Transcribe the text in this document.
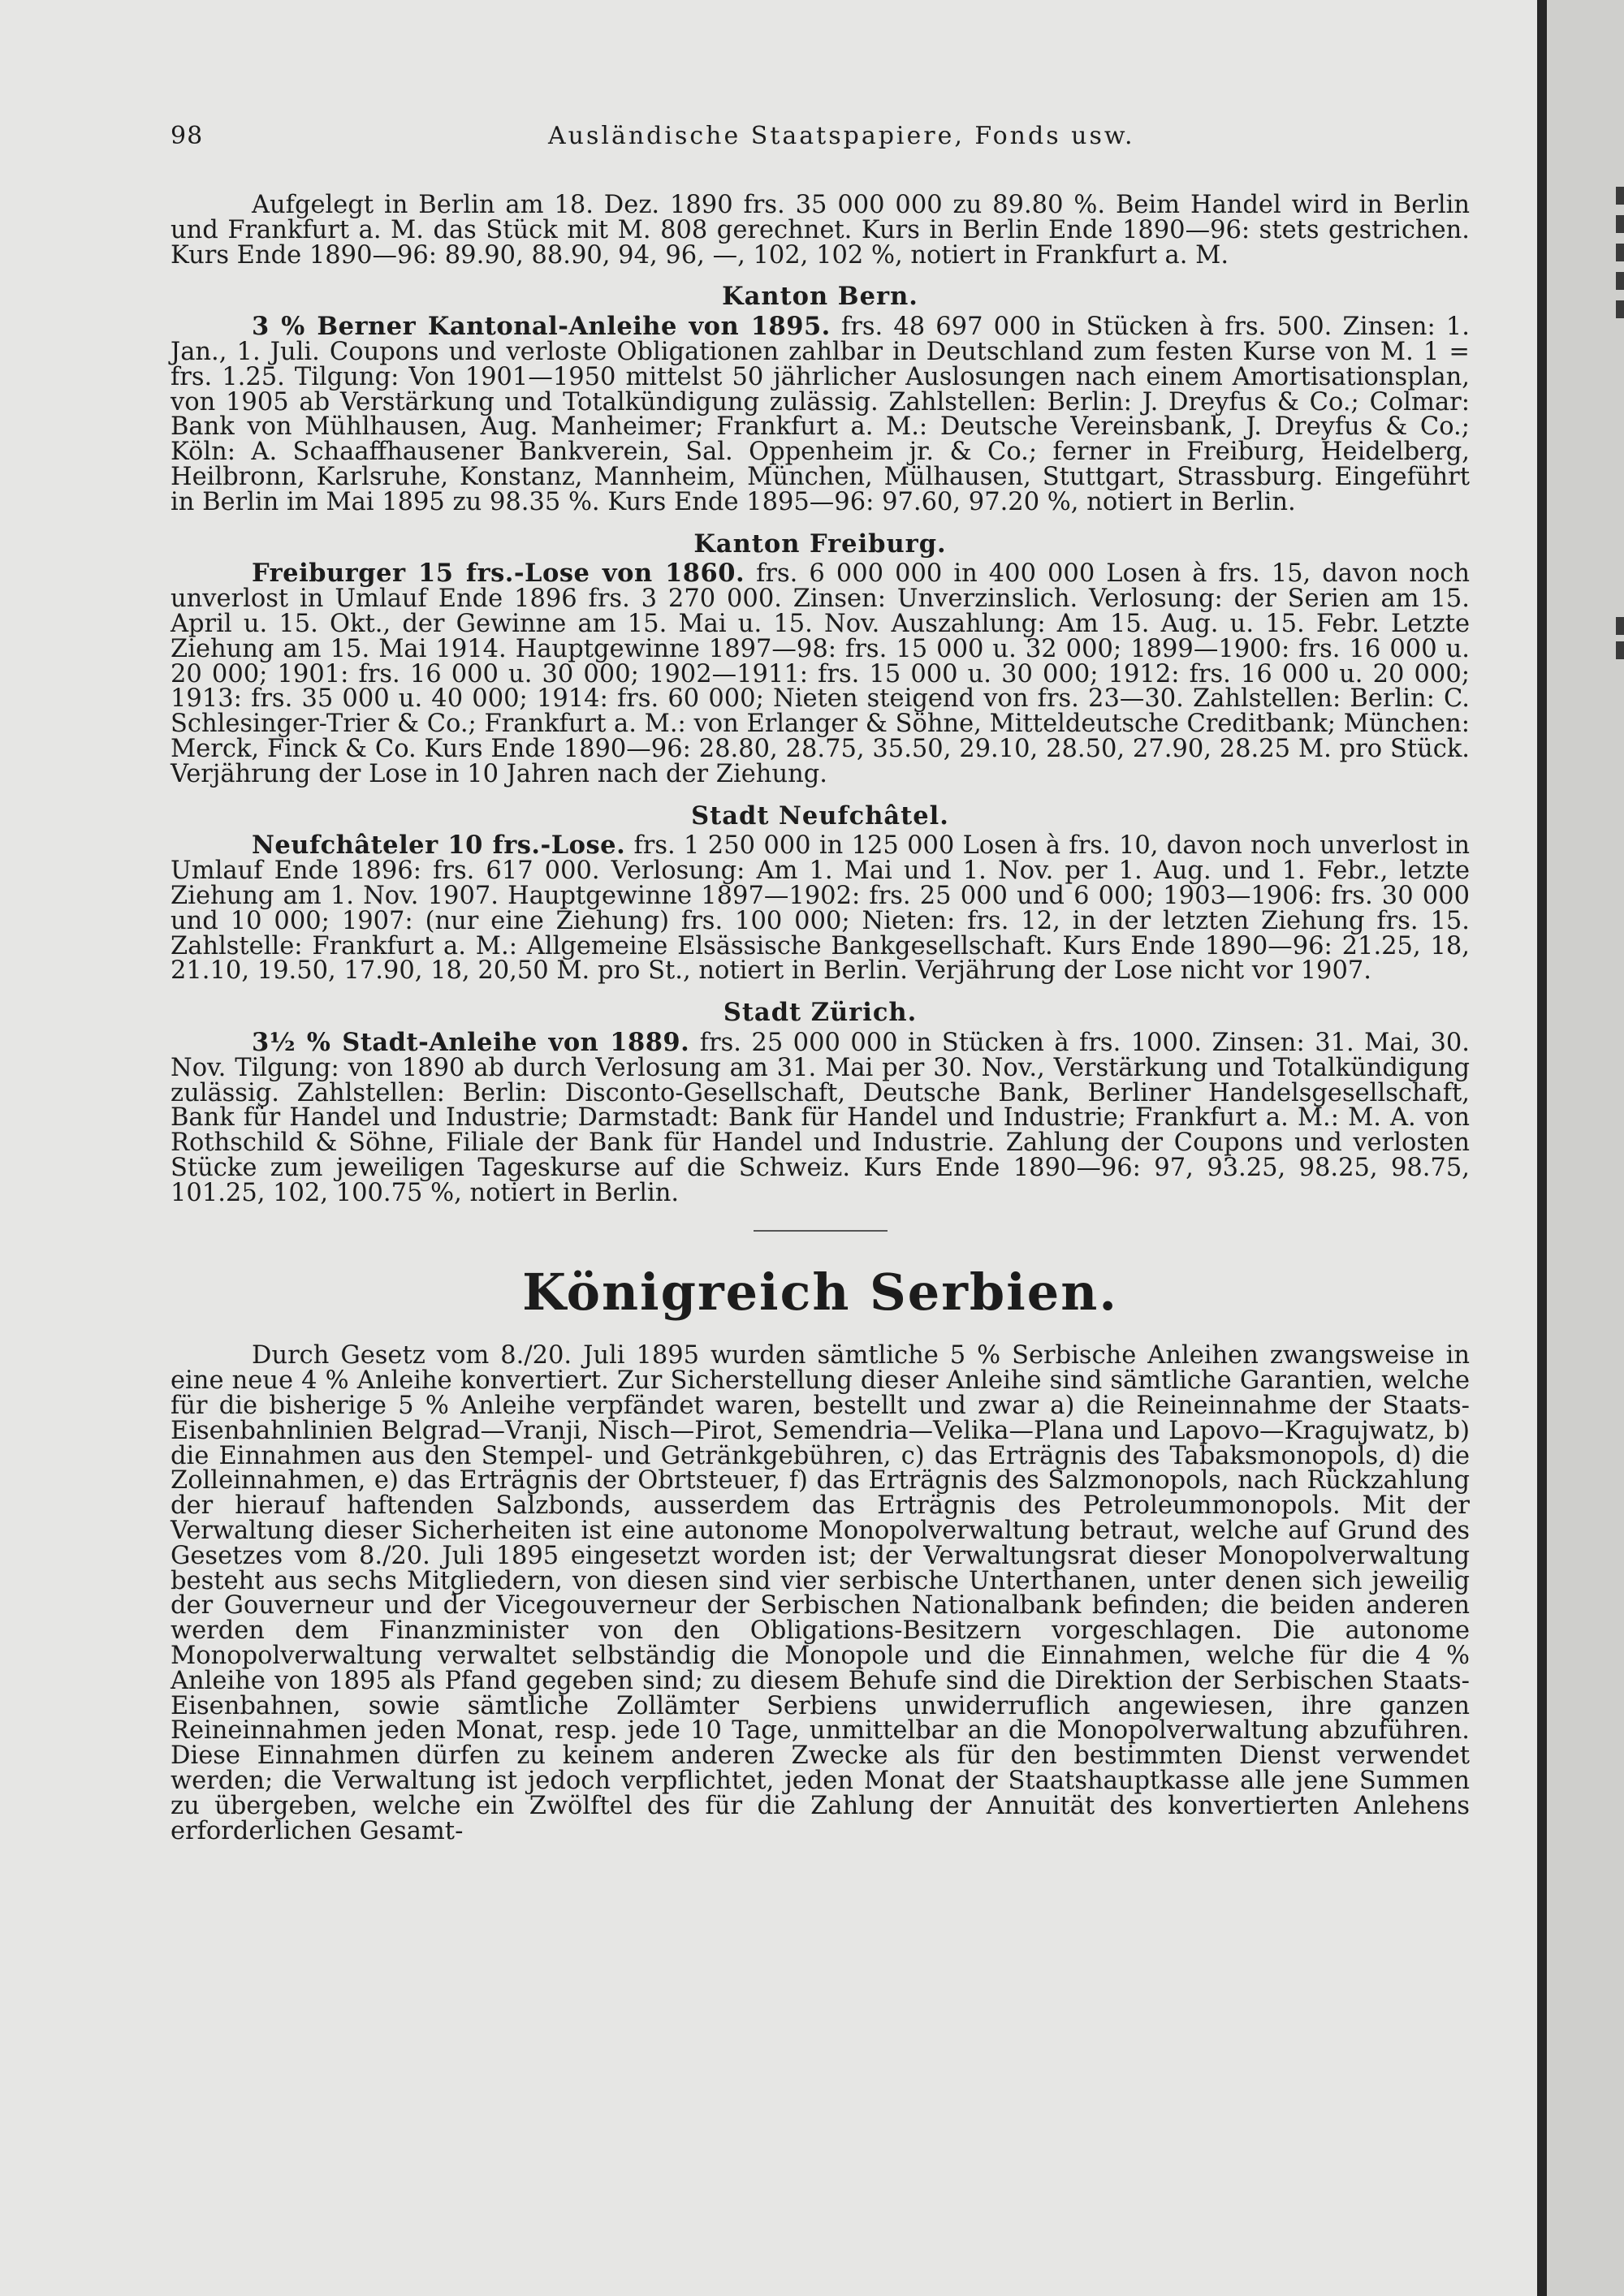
98	Ausländische Staatspapiere, Fonds usw.

Aufgelegt in Berlin am 18. Dez. 1890 frs. 35 000 000 zu 89.80 %. Beim Handel wird in Berlin und Frankfurt a. M. das Stück mit M. 808 gerechnet. Kurs in Berlin Ende 1890—96: stets gestrichen. Kurs Ende 1890—96: 89.90, 88.90, 94, 96, —, 102, 102 %, notiert in Frankfurt a. M.

Kanton Bern.

3 % Berner Kantonal-Anleihe von 1895. frs. 48 697 000 in Stücken à frs. 500. Zinsen: 1. Jan., 1. Juli. Coupons und verloste Obligationen zahlbar in Deutschland zum festen Kurse von M. 1 = frs. 1.25. Tilgung: Von 1901—1950 mittelst 50 jährlicher Auslosungen nach einem Amortisationsplan, von 1905 ab Verstärkung und Totalkündigung zulässig. Zahlstellen: Berlin: J. Dreyfus & Co.; Colmar: Bank von Mühlhausen, Aug. Manheimer; Frankfurt a. M.: Deutsche Vereinsbank, J. Dreyfus & Co.; Köln: A. Schaaffhausener Bankverein, Sal. Oppenheim jr. & Co.; ferner in Freiburg, Heidelberg, Heilbronn, Karlsruhe, Konstanz, Mannheim, München, Mülhausen, Stuttgart, Strassburg. Eingeführt in Berlin im Mai 1895 zu 98.35 %. Kurs Ende 1895—96: 97.60, 97.20 %, notiert in Berlin.

Kanton Freiburg.

Freiburger 15 frs.-Lose von 1860. frs. 6 000 000 in 400 000 Losen à frs. 15, davon noch unverlost in Umlauf Ende 1896 frs. 3 270 000. Zinsen: Unverzinslich. Verlosung: der Serien am 15. April u. 15. Okt., der Gewinne am 15. Mai u. 15. Nov. Auszahlung: Am 15. Aug. u. 15. Febr. Letzte Ziehung am 15. Mai 1914. Hauptgewinne 1897—98: frs. 15 000 u. 32 000; 1899—1900: frs. 16 000 u. 20 000; 1901: frs. 16 000 u. 30 000; 1902—1911: frs. 15 000 u. 30 000; 1912: frs. 16 000 u. 20 000; 1913: frs. 35 000 u. 40 000; 1914: frs. 60 000; Nieten steigend von frs. 23—30. Zahlstellen: Berlin: C. Schlesinger-Trier & Co.; Frankfurt a. M.: von Erlanger & Söhne, Mitteldeutsche Creditbank; München: Merck, Finck & Co. Kurs Ende 1890—96: 28.80, 28.75, 35.50, 29.10, 28.50, 27.90, 28.25 M. pro Stück. Verjährung der Lose in 10 Jahren nach der Ziehung.

Stadt Neufchâtel.

Neufchâteler 10 frs.-Lose. frs. 1 250 000 in 125 000 Losen à frs. 10, davon noch unverlost in Umlauf Ende 1896: frs. 617 000. Verlosung: Am 1. Mai und 1. Nov. per 1. Aug. und 1. Febr., letzte Ziehung am 1. Nov. 1907. Hauptgewinne 1897—1902: frs. 25 000 und 6 000; 1903—1906: frs. 30 000 und 10 000; 1907: (nur eine Ziehung) frs. 100 000; Nieten: frs. 12, in der letzten Ziehung frs. 15. Zahlstelle: Frankfurt a. M.: Allgemeine Elsässische Bankgesellschaft. Kurs Ende 1890—96: 21.25, 18, 21.10, 19.50, 17.90, 18, 20,50 M. pro St., notiert in Berlin. Verjährung der Lose nicht vor 1907.

Stadt Zürich.

3½ % Stadt-Anleihe von 1889. frs. 25 000 000 in Stücken à frs. 1000. Zinsen: 31. Mai, 30. Nov. Tilgung: von 1890 ab durch Verlosung am 31. Mai per 30. Nov., Verstärkung und Totalkündigung zulässig. Zahlstellen: Berlin: Disconto-Gesellschaft, Deutsche Bank, Berliner Handelsgesellschaft, Bank für Handel und Industrie; Darmstadt: Bank für Handel und Industrie; Frankfurt a. M.: M. A. von Rothschild & Söhne, Filiale der Bank für Handel und Industrie. Zahlung der Coupons und verlosten Stücke zum jeweiligen Tageskurse auf die Schweiz. Kurs Ende 1890—96: 97, 93.25, 98.25, 98.75, 101.25, 102, 100.75 %, notiert in Berlin.

Königreich Serbien.

Durch Gesetz vom 8./20. Juli 1895 wurden sämtliche 5 % Serbische Anleihen zwangsweise in eine neue 4 % Anleihe konvertiert. Zur Sicherstellung dieser Anleihe sind sämtliche Garantien, welche für die bisherige 5 % Anleihe verpfändet waren, bestellt und zwar a) die Reineinnahme der Staats-Eisenbahnlinien Belgrad—Vranji, Nisch—Pirot, Semendria—Velika—Plana und Lapovo—Kragujwatz, b) die Einnahmen aus den Stempel- und Getränkgebühren, c) das Erträgnis des Tabaksmonopols, d) die Zolleinnahmen, e) das Erträgnis der Obrtsteuer, f) das Erträgnis des Salzmonopols, nach Rückzahlung der hierauf haftenden Salzbonds, ausserdem das Erträgnis des Petroleummonopols. Mit der Verwaltung dieser Sicherheiten ist eine autonome Monopolverwaltung betraut, welche auf Grund des Gesetzes vom 8./20. Juli 1895 eingesetzt worden ist; der Verwaltungsrat dieser Monopolverwaltung besteht aus sechs Mitgliedern, von diesen sind vier serbische Unterthanen, unter denen sich jeweilig der Gouverneur und der Vicegouverneur der Serbischen Nationalbank befinden; die beiden anderen werden dem Finanzminister von den Obligations-Besitzern vorgeschlagen. Die autonome Monopolverwaltung verwaltet selbständig die Monopole und die Einnahmen, welche für die 4 % Anleihe von 1895 als Pfand gegeben sind; zu diesem Behufe sind die Direktion der Serbischen Staats-Eisenbahnen, sowie sämtliche Zollämter Serbiens unwiderruflich angewiesen, ihre ganzen Reineinnahmen jeden Monat, resp. jede 10 Tage, unmittelbar an die Monopolverwaltung abzuführen. Diese Einnahmen dürfen zu keinem anderen Zwecke als für den bestimmten Dienst verwendet werden; die Verwaltung ist jedoch verpflichtet, jeden Monat der Staatshauptkasse alle jene Summen zu übergeben, welche ein Zwölftel des für die Zahlung der Annuität des konvertierten Anlehens erforderlichen Gesamt-
